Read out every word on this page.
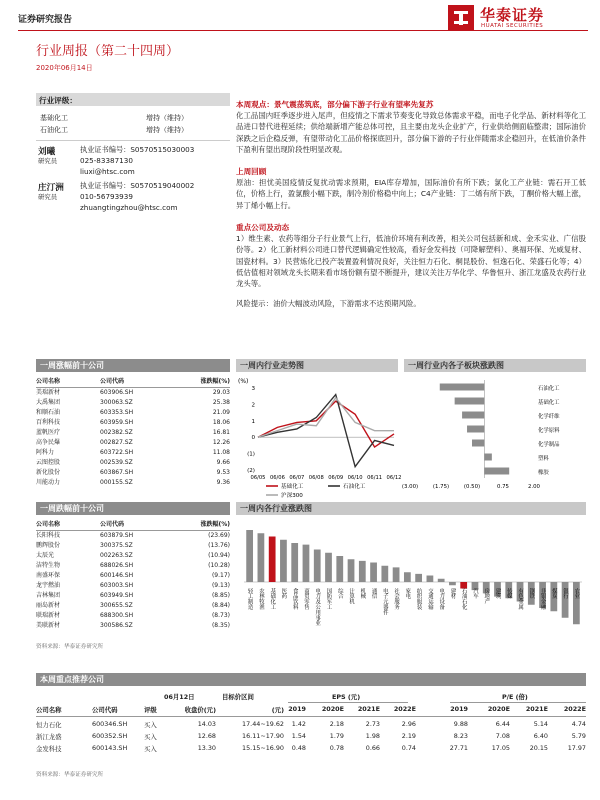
证券研究报告	华泰证券
HUATAI SECURITIES
行业周报（第二十四周）
2020年06月14日
行业评级：
基础化工	增持（维持）
石油化工	增持（维持）
刘曦
研究员
执业证书编号：S0570515030003
025-83387130
liuxi@htsc.com
庄汀洲
研究员
执业证书编号：S0570519040002
010-56793939
zhuangtingzhou@htsc.com
本周观点：景气震荡筑底，部分偏下游子行业有望率先复苏
化工品国内旺季逐步进入尾声，但疫情之下需求节奏变化导致总体需求平稳，而电子化学品、新材料等化工品进口替代进程延续；供给端新增产能总体可控，且主要由龙头企业扩产，行业供给侧面临整肃；国际油价深跌之后企稳反弹，有望带动化工品价格探底回升，部分偏下游的子行业伴随需求企稳回升，在低油价条件下盈利有望出现阶段性明显改观。
上周回顾
原油：担忧美国疫情反复扰动需求预期，EIA库存增加，国际油价有所下跌；氯化工产业链：需石开工低位，价格上行，盈氯酸小幅下跌，制冷剂价格稳中向上；C4产业链：丁二烯有所下跌，丁酮价格大幅上涨，异丁烯小幅上行。
重点公司及动态
1）维生素、农药等细分子行业景气上行，低油价环境有利改善，相关公司包括新和成、金禾实业、广信股份等。2）化工新材料公司进口替代逻辑确定性较高，看好金发科技（可降解塑料）、奥福环保、光威复材、国瓷材料。3）民营炼化已投产装置盈利情况良好，关注恒力石化、桐昆股份、恒逸石化、荣盛石化等；4）低估值相对领域龙头长期来看市场份额有望不断提升，建议关注万华化学、华鲁恒升、浙江龙盛及农药行业龙头等。
风险提示：油价大幅波动风险，下游需求不达预期风险。
一周涨幅前十公司
公司名称	公司代码	涨跌幅(%)
美瑞新材	603906.SH	29.03
大禹集团	300063.SZ	25.38
和顺石油	603353.SH	21.09
百利科技	603959.SH	18.06
蓝帆医疗	002382.SZ	16.81
高争民爆	002827.SZ	12.26
阿科力	603722.SH	11.08
云图控股	002539.SZ	9.66
新化股份	603867.SH	9.53
川能动力	000155.SZ	9.36
一周跌幅前十公司
公司名称	公司代码	涨跌幅(%)
长阳科技	603879.SH	(23.69)
鹏辉股份	300375.SZ	(13.76)
太辰光	002263.SZ	(10.94)
洁特生物	688026.SH	(10.28)
南盛环保	600146.SH	(9.17)
龙宇燃油	603003.SH	(9.13)
吉林集团	603949.SH	(8.85)
丽岛新材	300655.SZ	(8.84)
联瑞新材	688300.SH	(8.73)
美联新材	300586.SZ	(8.35)
资料来源：华泰证券研究所
一周内行业走势图
(%)
3
2
1
0
(1)
(2)
06/05 06/06 06/07 06/08 06/09 06/10 06/11 06/12
基础化工	石油化工
沪深300
一周行业内各子板块涨跌图
石油化工
基础化工
化学纤维
化学原料
化学制品
塑料
橡胶
(3.00)	(1.75)	(0.50)	0.75	2.00
一周内各行业涨跌图
轻工制造 农林牧渔 基础化工 医药 食品饮料 商贸零售 电力及公用事业 国防军工 综合 计算机 机械 通信 电子元器件 社会服务 家电 纺织服装 交通运输 电力设备 建材 石油石化 汽车 房地产 建筑 传媒 有色金属 钢铁 非银金融 煤炭 银行 农业
本周重点推荐公司
06月12日	目标价区间	EPS (元)	P/E (倍)
公司名称	公司代码	评级	收盘价(元)	(元) 2019	2020E	2021E	2022E	2019	2020E	2021E	2022E
恒力石化	600346.SH	买入	14.03	17.44~19.62	1.42	2.18	2.73	2.96	9.88	6.44	5.14	4.74
浙江龙盛	600352.SH	买入	12.68	16.11~17.90	1.54	1.79	1.98	2.19	8.23	7.08	6.40	5.79
金发科技	600143.SH	买入	13.30	15.15~16.90	0.48	0.78	0.66	0.74	27.71	17.05	20.15	17.97
资料来源：华泰证券研究所
